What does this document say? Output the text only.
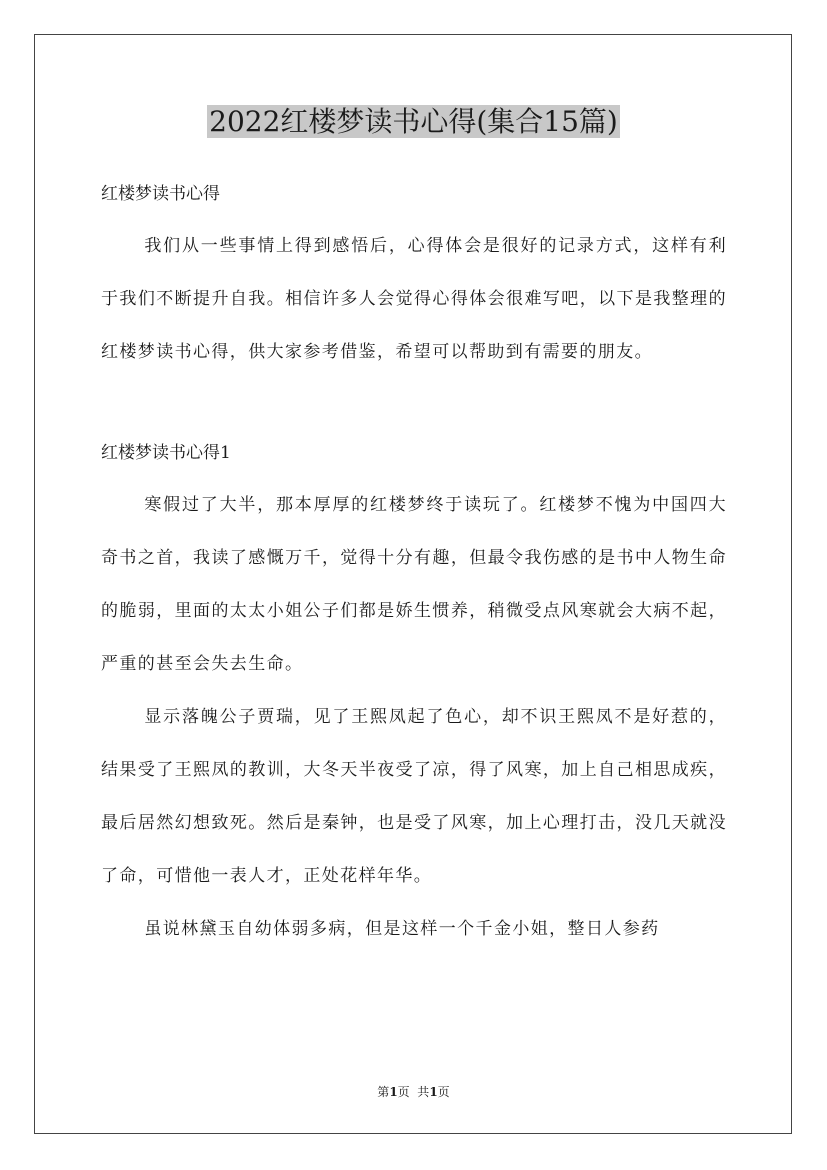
2022红楼梦读书心得(集合15篇)

红楼梦读书心得

我们从一些事情上得到感悟后，心得体会是很好的记录方式，这样有利于我们不断提升自我。相信许多人会觉得心得体会很难写吧，以下是我整理的红楼梦读书心得，供大家参考借鉴，希望可以帮助到有需要的朋友。

红楼梦读书心得1

寒假过了大半，那本厚厚的红楼梦终于读玩了。红楼梦不愧为中国四大奇书之首，我读了感慨万千，觉得十分有趣，但最令我伤感的是书中人物生命的脆弱，里面的太太小姐公子们都是娇生惯养，稍微受点风寒就会大病不起，严重的甚至会失去生命。

显示落魄公子贾瑞，见了王熙凤起了色心，却不识王熙凤不是好惹的，结果受了王熙凤的教训，大冬天半夜受了凉，得了风寒，加上自己相思成疾，最后居然幻想致死。然后是秦钟，也是受了风寒，加上心理打击，没几天就没了命，可惜他一表人才，正处花样年华。

虽说林黛玉自幼体弱多病，但是这样一个千金小姐，整日人参药

第1页  共1页
